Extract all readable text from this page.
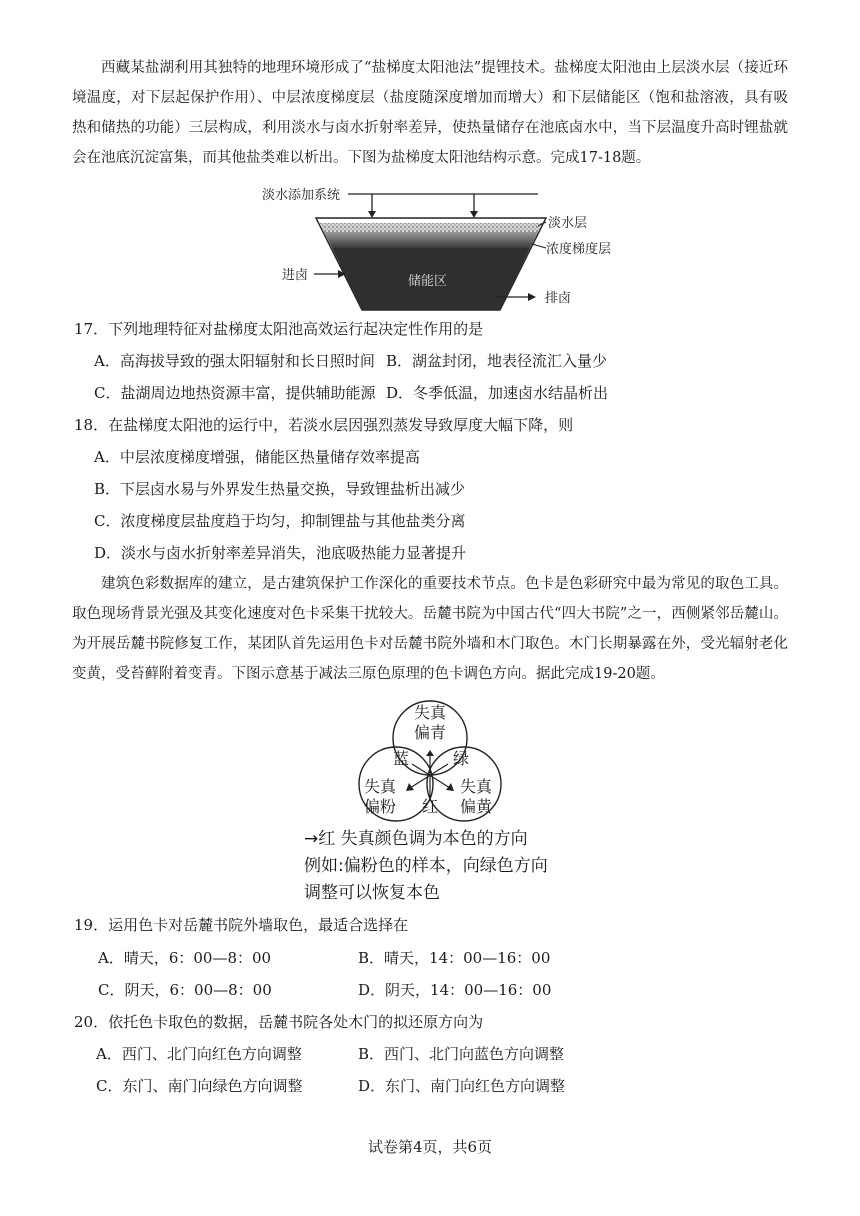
西藏某盐湖利用其独特的地理环境形成了“盐梯度太阳池法”提锂技术。盐梯度太阳池由上层淡水层（接近环境温度，对下层起保护作用）、中层浓度梯度层（盐度随深度增加而增大）和下层储能区（饱和盐溶液，具有吸热和储热的功能）三层构成，利用淡水与卤水折射率差异，使热量储存在池底卤水中，当下层温度升高时锂盐就会在池底沉淀富集，而其他盐类难以析出。下图为盐梯度太阳池结构示意。完成17-18题。
淡水添加系统
储能区
淡水层
浓度梯度层
进卤
排卤
17．下列地理特征对盐梯度太阳池高效运行起决定性作用的是
A．高海拔导致的强太阳辐射和长日照时间 B．湖盆封闭，地表径流汇入量少
C．盐湖周边地热资源丰富，提供辅助能源 D．冬季低温，加速卤水结晶析出
18．在盐梯度太阳池的运行中，若淡水层因强烈蒸发导致厚度大幅下降，则
A．中层浓度梯度增强，储能区热量储存效率提高
B．下层卤水易与外界发生热量交换，导致锂盐析出减少
C．浓度梯度层盐度趋于均匀，抑制锂盐与其他盐类分离
D．淡水与卤水折射率差异消失，池底吸热能力显著提升
建筑色彩数据库的建立，是古建筑保护工作深化的重要技术节点。色卡是色彩研究中最为常见的取色工具。取色现场背景光强及其变化速度对色卡采集干扰较大。岳麓书院为中国古代“四大书院”之一，西侧紧邻岳麓山。为开展岳麓书院修复工作，某团队首先运用色卡对岳麓书院外墙和木门取色。木门长期暴露在外，受光辐射老化变黄，受苔藓附着变青。下图示意基于减法三原色原理的色卡调色方向。据此完成19-20题。
失真
偏青
失真
偏粉
失真
偏黄
蓝	绿
红
→红 失真颜色调为本色的方向
例如:偏粉色的样本，向绿色方向
调整可以恢复本色
19．运用色卡对岳麓书院外墙取色，最适合选择在
A．晴天，6：00—8：00	B．晴天，14：00—16：00
C．阴天，6：00—8：00	D．阴天，14：00—16：00
20．依托色卡取色的数据，岳麓书院各处木门的拟还原方向为
A．西门、北门向红色方向调整	B．西门、北门向蓝色方向调整
C．东门、南门向绿色方向调整	D．东门、南门向红色方向调整
试卷第4页，共6页
